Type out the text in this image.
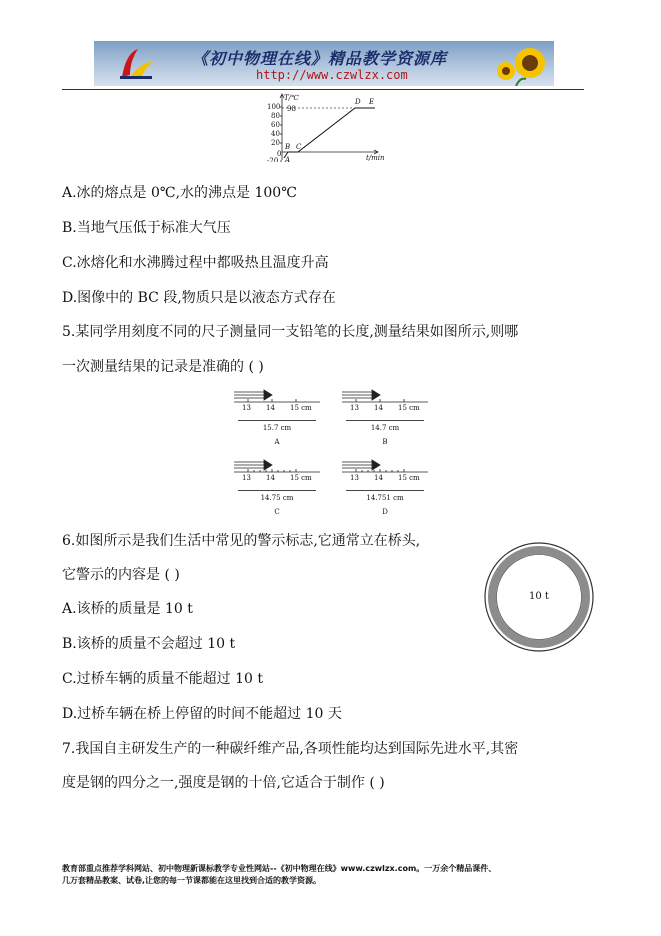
《初中物理在线》精品教学资源库
http://www.czwlzx.com
T/℃
100
80
60
40
20
0
-20
98
A
B C
D E
t/min
A.冰的熔点是 0℃,水的沸点是 100℃
B.当地气压低于标准大气压
C.冰熔化和水沸腾过程中都吸热且温度升高
D.图像中的 BC 段,物质只是以液态方式存在
5.某同学用刻度不同的尺子测量同一支铅笔的长度,测量结果如图所示,则哪
一次测量结果的记录是准确的 ( )
13 14 15 cm
15.7 cm
A
13 14 15 cm
14.7 cm
B
13 14 15 cm
14.75 cm
C
13 14 15 cm
14.751 cm
D
6.如图所示是我们生活中常见的警示标志,它通常立在桥头,
它警示的内容是 ( )
A.该桥的质量是 10 t
B.该桥的质量不会超过 10 t
C.过桥车辆的质量不能超过 10 t
D.过桥车辆在桥上停留的时间不能超过 10 天
10 t
7.我国自主研发生产的一种碳纤维产品,各项性能均达到国际先进水平,其密
度是钢的四分之一,强度是钢的十倍,它适合于制作 ( )
教育部重点推荐学科网站、初中物理新课标教学专业性网站--《初中物理在线》www.czwlzx.com。一万余个精品课件、
几万套精品教案、试卷,让您的每一节课都能在这里找到合适的教学资源。
